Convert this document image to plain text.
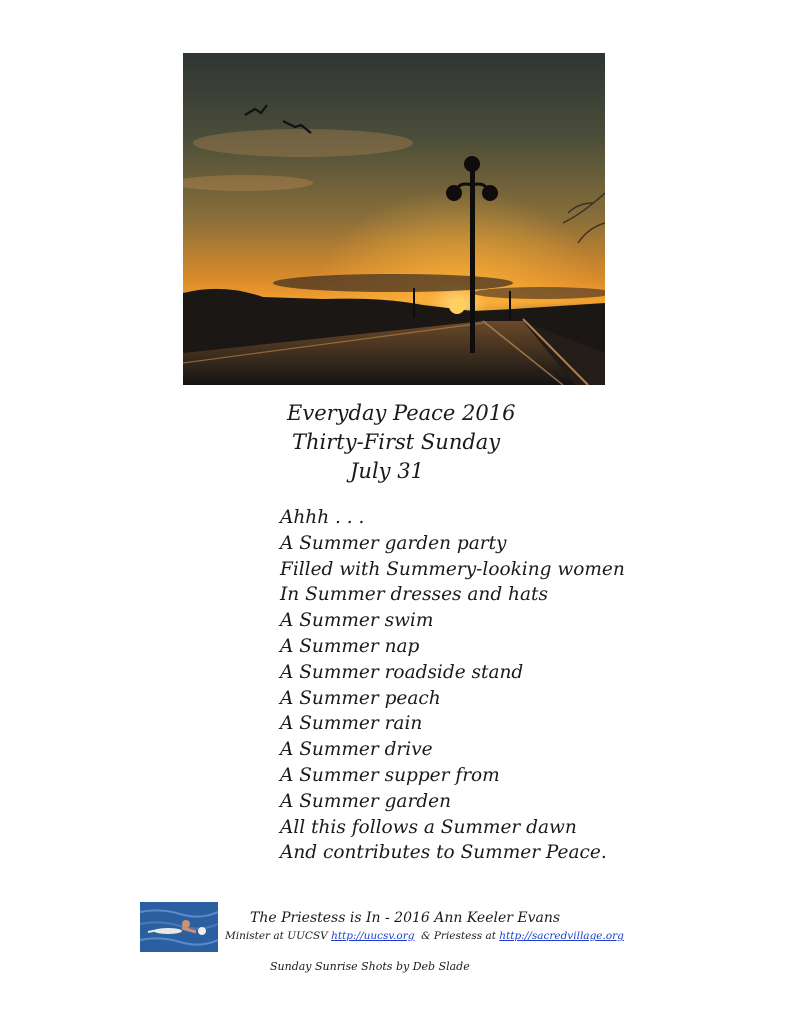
Everyday Peace 2016
Thirty-First Sunday
July 31
Ahhh . . .
A Summer garden party
Filled with Summery-looking women
In Summer dresses and hats
A Summer swim
A Summer nap
A Summer roadside stand
A Summer peach
A Summer rain
A Summer drive
A Summer supper from
A Summer garden
All this follows a Summer dawn
And contributes to Summer Peace.
The Priestess is In - 2016 Ann Keeler Evans
Minister at UUCSV http://uucsv.org  & Priestess at http://sacredvillage.org
Sunday Sunrise Shots by Deb Slade
